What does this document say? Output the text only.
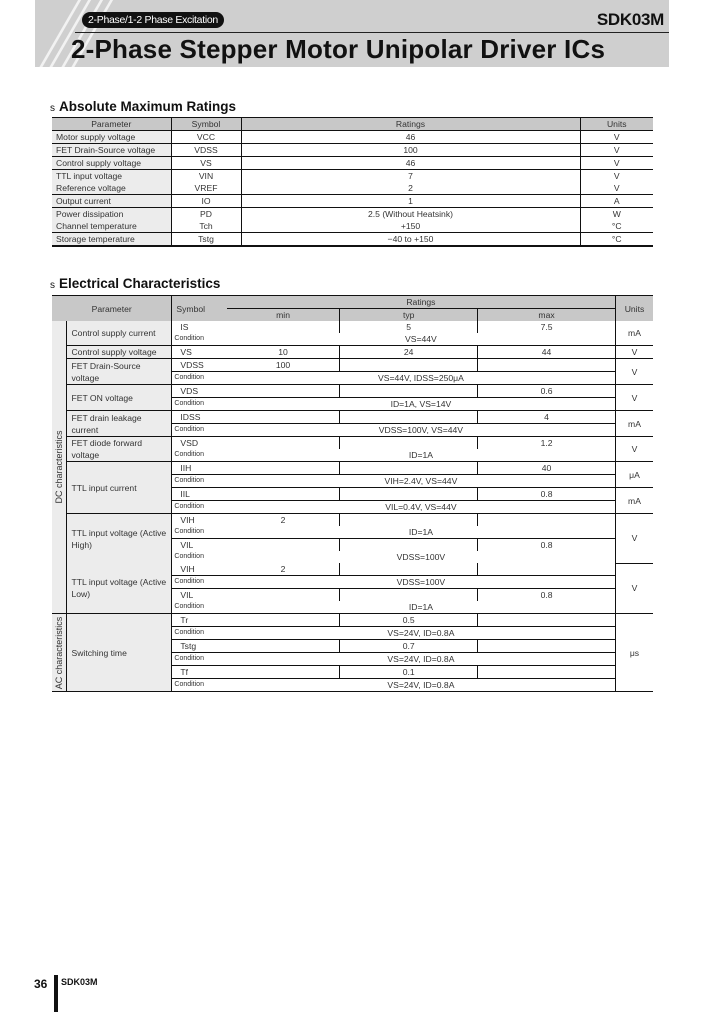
2-Phase/1-2 Phase Excitation	SDK03M
2-Phase Stepper Motor Unipolar Driver ICs
s Absolute Maximum Ratings
Parameter	Symbol	Ratings	Units
Motor supply voltage	VCC	46	V
FET Drain-Source voltage	VDSS	100	V
Control supply voltage	VS	46	V
TTL input voltage	VIN	7	V
Reference voltage	VREF	2	V
Output current	IO	1	A
Power dissipation	PD	2.5 (Without Heatsink)	W
Channel temperature	Tch	+150	°C
Storage temperature	Tstg	−40 to +150	°C
s Electrical Characteristics
Parameter		Symbol	Ratings			Units
			min	typ	max	

DC characteristics	Control supply current	IS		5	7.5	mA
		Condition	VS=44V			
	Control supply voltage	VS	10	24	44	V
	FET Drain-Source voltage	VDSS	100			V
		Condition	VS=44V, IDSS=250μA			
	FET ON voltage	VDS			0.6	V
		Condition	ID=1A, VS=14V			
	FET drain leakage current	IDSS			4	mA
		Condition	VDSS=100V, VS=44V			
	FET diode forward voltage	VSD			1.2	V
		Condition	ID=1A			
	TTL input current	IIH			40	μA
		Condition	VIH=2.4V, VS=44V			
		IIL			0.8	mA
		Condition	VIL=0.4V, VS=44V			
	TTL input voltage (Active High)	VIH	2			V
		Condition	ID=1A			
		VIL			0.8	
		Condition	VDSS=100V			
	TTL input voltage (Active Low)	VIH	2			V
		Condition	VDSS=100V			
		VIL			0.8	
		Condition	ID=1A			

AC characteristics	Switching time	Tr		0.5		μs
		Condition	VS=24V, ID=0.8A			
		Tstg		0.7		
		Condition	VS=24V, ID=0.8A			
		Tf		0.1		
		Condition	VS=24V, ID=0.8A			
36 SDK03M
